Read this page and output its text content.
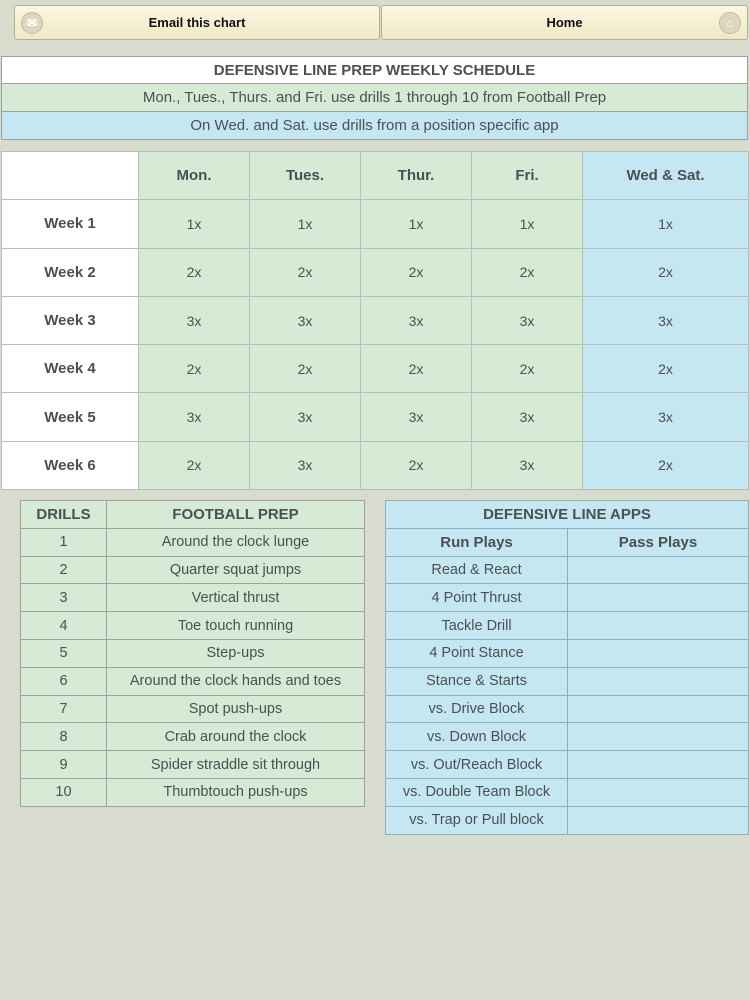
✉	Email this chart	Home	⌂
DEFENSIVE LINE PREP WEEKLY SCHEDULE
Mon., Tues., Thurs. and Fri. use drills 1 through 10 from Football Prep
On Wed. and Sat. use drills from a position specific app
	Mon.	Tues.	Thur.	Fri.	Wed & Sat.
Week 1	1x	1x	1x	1x	1x
Week 2	2x	2x	2x	2x	2x
Week 3	3x	3x	3x	3x	3x
Week 4	2x	2x	2x	2x	2x
Week 5	3x	3x	3x	3x	3x
Week 6	2x	3x	2x	3x	2x
DRILLS	FOOTBALL PREP
1	Around the clock lunge
2	Quarter squat jumps
3	Vertical thrust
4	Toe touch running
5	Step-ups
6	Around the clock hands and toes
7	Spot push-ups
8	Crab around the clock
9	Spider straddle sit through
10	Thumbtouch push-ups
DEFENSIVE LINE APPS	
Run Plays	Pass Plays
Read & React	
4 Point Thrust	
Tackle Drill	
4 Point Stance	
Stance & Starts	
vs. Drive Block	
vs. Down Block	
vs. Out/Reach Block	
vs. Double Team Block	
vs. Trap or Pull block	
